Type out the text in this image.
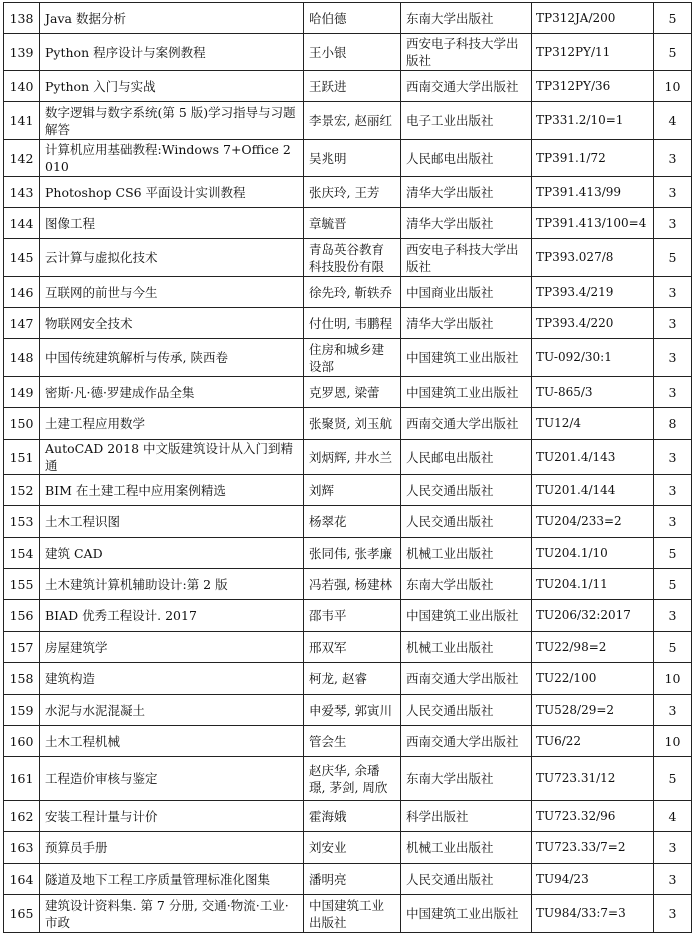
138	Java 数据分析	哈伯德	东南大学出版社	TP312JA/200	5
139	Python 程序设计与案例教程	王小银	西安电子科技大学出版社	TP312PY/11	5
140	Python 入门与实战	王跃进	西南交通大学出版社	TP312PY/36	10
141	数字逻辑与数字系统(第 5 版)学习指导与习题解答	李景宏, 赵丽红	电子工业出版社	TP331.2/10=1	4
142	计算机应用基础教程:Windows 7+Office 2010	吴兆明	人民邮电出版社	TP391.1/72	3
143	Photoshop CS6 平面设计实训教程	张庆玲, 王芳	清华大学出版社	TP391.413/99	3
144	图像工程	章毓晋	清华大学出版社	TP391.413/100=4	3
145	云计算与虚拟化技术	青岛英谷教育科技股份有限	西安电子科技大学出版社	TP393.027/8	5
146	互联网的前世与今生	徐先玲, 靳轶乔	中国商业出版社	TP393.4/219	3
147	物联网安全技术	付仕明, 韦鹏程	清华大学出版社	TP393.4/220	3
148	中国传统建筑解析与传承, 陕西卷	住房和城乡建设部	中国建筑工业出版社	TU-092/30:1	3
149	密斯·凡·德·罗建成作品全集	克罗恩, 梁蕾	中国建筑工业出版社	TU-865/3	3
150	土建工程应用数学	张聚贤, 刘玉航	西南交通大学出版社	TU12/4	8
151	AutoCAD 2018 中文版建筑设计从入门到精通	刘炳辉, 井水兰	人民邮电出版社	TU201.4/143	3
152	BIM 在土建工程中应用案例精选	刘辉	人民交通出版社	TU201.4/144	3
153	土木工程识图	杨翠花	人民交通出版社	TU204/233=2	3
154	建筑 CAD	张同伟, 张孝廉	机械工业出版社	TU204.1/10	5
155	土木建筑计算机辅助设计:第 2 版	冯若强, 杨建林	东南大学出版社	TU204.1/11	5
156	BIAD 优秀工程设计. 2017	邵韦平	中国建筑工业出版社	TU206/32:2017	3
157	房屋建筑学	邢双军	机械工业出版社	TU22/98=2	5
158	建筑构造	柯龙, 赵睿	西南交通大学出版社	TU22/100	10
159	水泥与水泥混凝土	申爱琴, 郭寅川	人民交通出版社	TU528/29=2	3
160	土木工程机械	管会生	西南交通大学出版社	TU6/22	10
161	工程造价审核与鉴定	赵庆华, 余璠璟, 茅剑, 周欣	东南大学出版社	TU723.31/12	5
162	安装工程计量与计价	霍海娥	科学出版社	TU723.32/96	4
163	预算员手册	刘安业	机械工业出版社	TU723.33/7=2	3
164	隧道及地下工程工序质量管理标准化图集	潘明亮	人民交通出版社	TU94/23	3
165	建筑设计资料集. 第 7 分册, 交通·物流·工业·市政	中国建筑工业出版社	中国建筑工业出版社	TU984/33:7=3	3
